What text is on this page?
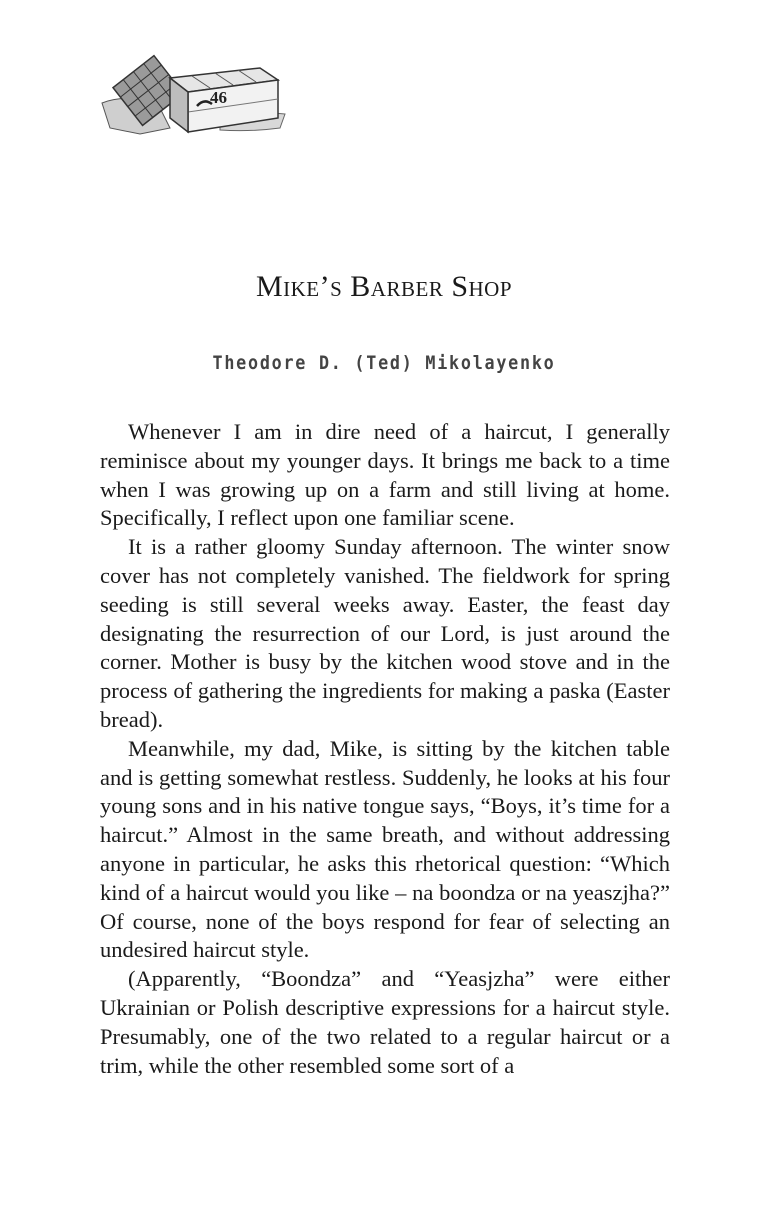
46
Mike’s Barber Shop
Theodore D. (Ted) Mikolayenko

Whenever I am in dire need of a haircut, I generally reminisce about my younger days. It brings me back to a time when I was growing up on a farm and still living at home. Specifically, I reflect upon one familiar scene.

It is a rather gloomy Sunday afternoon. The winter snow cover has not completely vanished. The fieldwork for spring seeding is still several weeks away. Easter, the feast day designating the resurrection of our Lord, is just around the corner. Mother is busy by the kitchen wood stove and in the process of gathering the ingredients for making a paska (Easter bread).

Meanwhile, my dad, Mike, is sitting by the kitchen table and is getting somewhat restless. Suddenly, he looks at his four young sons and in his native tongue says, “Boys, it’s time for a haircut.” Almost in the same breath, and without addressing anyone in particular, he asks this rhetorical question: “Which kind of a haircut would you like – na boondza or na yeaszjha?” Of course, none of the boys respond for fear of selecting an undesired haircut style.

(Apparently, “Boondza” and “Yeasjzha” were either Ukrainian or Polish descriptive expressions for a haircut style. Presumably, one of the two related to a regular haircut or a trim, while the other resembled some sort of a
